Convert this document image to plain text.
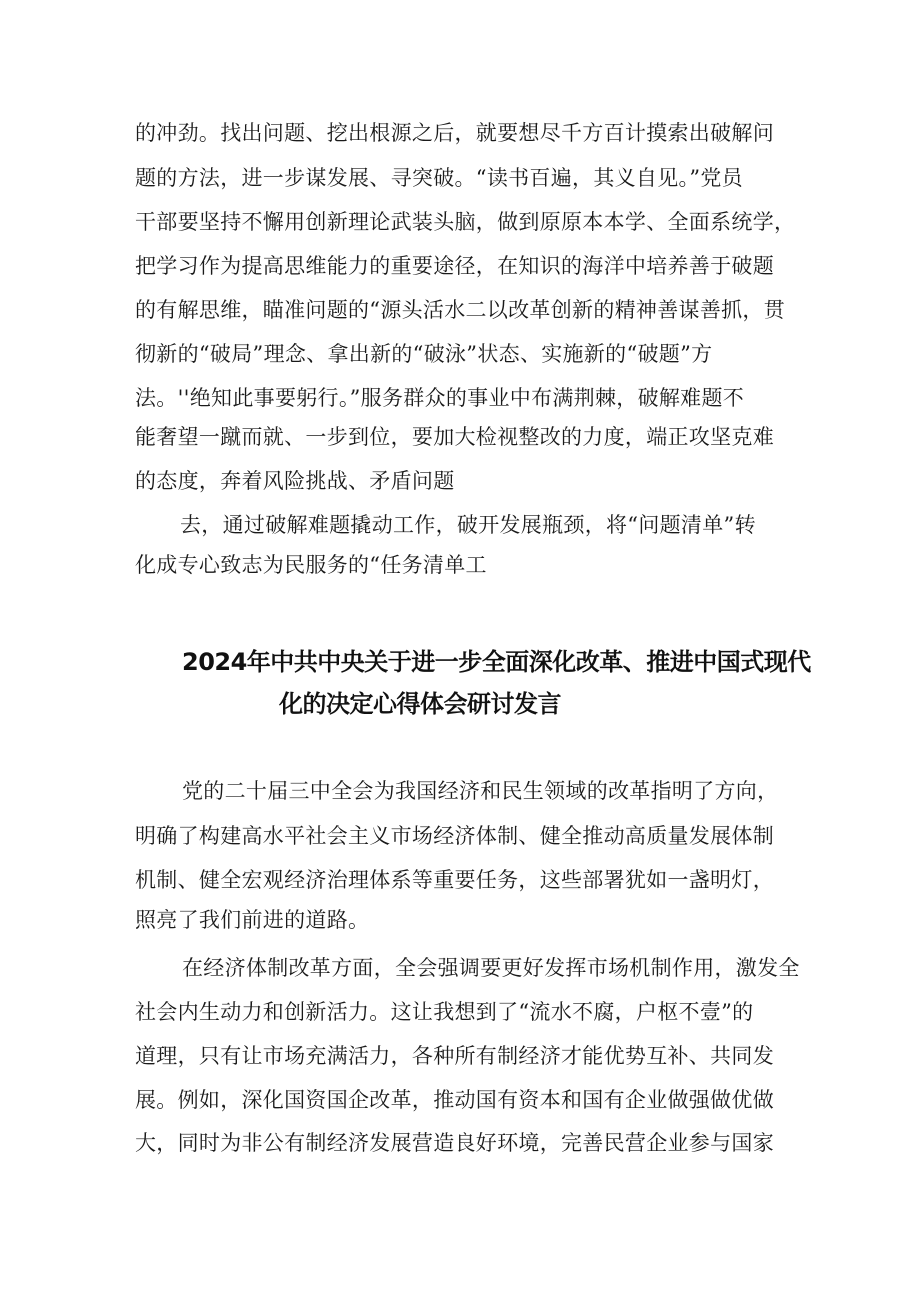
的冲劲。找出问题、挖出根源之后，就要想尽千方百计摸索出破解问
题的方法，进一步谋发展、寻突破。“读书百遍，其义自见。”党员
干部要坚持不懈用创新理论武装头脑，做到原原本本学、全面系统学，
把学习作为提高思维能力的重要途径，在知识的海洋中培养善于破题
的有解思维，瞄准问题的“源头活水二以改革创新的精神善谋善抓，贯
彻新的“破局”理念、拿出新的“破泳”状态、实施新的“破题”方
法。''绝知此事要躬行。”服务群众的事业中布满荆棘，破解难题不
能奢望一蹴而就、一步到位，要加大检视整改的力度，端正攻坚克难
的态度，奔着风险挑战、矛盾问题
去，通过破解难题撬动工作，破开发展瓶颈，将“问题清单”转
化成专心致志为民服务的“任务清单工
2024年中共中央关于进一步全面深化改革、推进中国式现代
化的决定心得体会研讨发言
党的二十届三中全会为我国经济和民生领域的改革指明了方向，
明确了构建高水平社会主义市场经济体制、健全推动高质量发展体制
机制、健全宏观经济治理体系等重要任务，这些部署犹如一盏明灯，
照亮了我们前进的道路。
在经济体制改革方面，全会强调要更好发挥市场机制作用，激发全
社会内生动力和创新活力。这让我想到了“流水不腐，户枢不壹”的
道理，只有让市场充满活力，各种所有制经济才能优势互补、共同发
展。例如，深化国资国企改革，推动国有资本和国有企业做强做优做
大，同时为非公有制经济发展营造良好环境，完善民营企业参与国家
